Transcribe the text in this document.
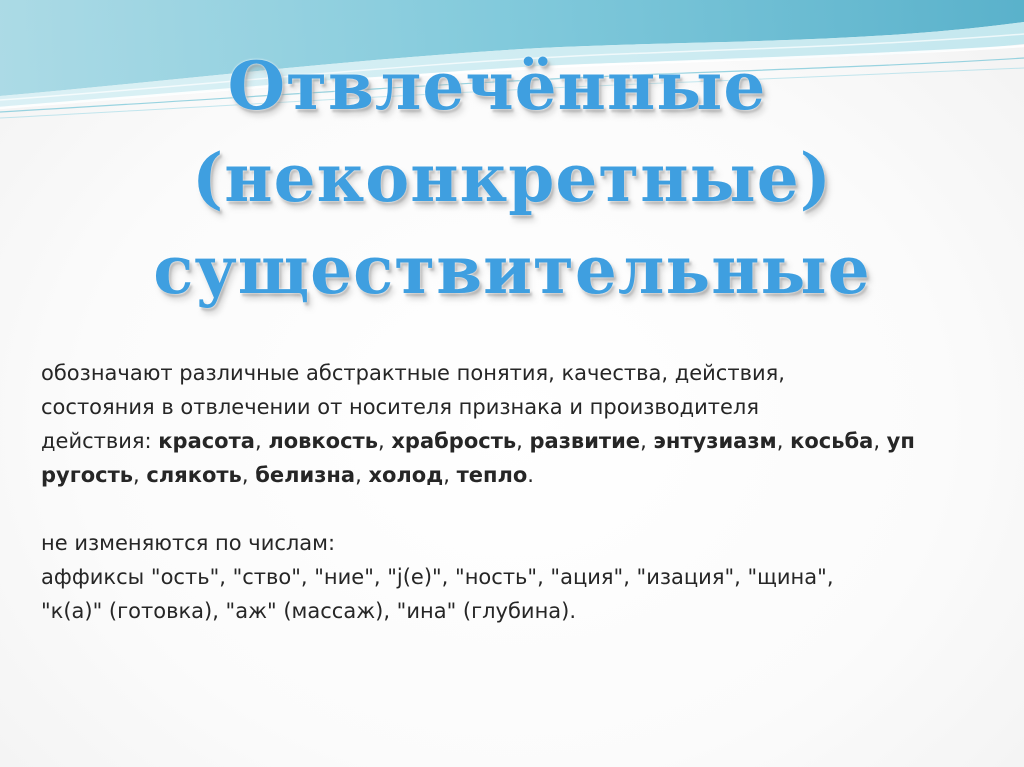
Отвлечённые
(неконкретные)
существительные

обозначают различные абстрактные понятия, качества, действия,
состояния в отвлечении от носителя признака и производителя
действия: красота, ловкость, храбрость, развитие, энтузиазм, косьба, уп
ругость, слякоть, белизна, холод, тепло.

не изменяются по числам:
аффиксы "ость", "ство", "ние", "j(е)", "ность", "ация", "изация", "щина",
"к(а)" (готовка), "аж" (массаж), "ина" (глубина).
